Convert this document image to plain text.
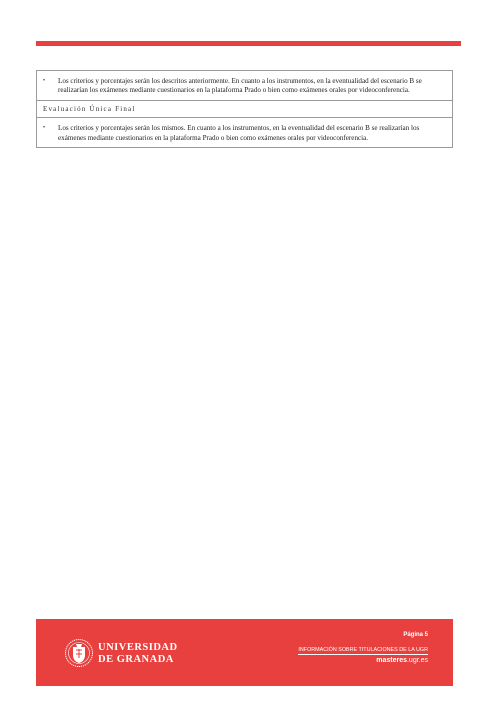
•	Los criterios y porcentajes serán los descritos anteriormente. En cuanto a los instrumentos, en la eventualidad del escenario B se realizarían los exámenes mediante cuestionarios en la plataforma Prado o bien como exámenes orales por videoconferencia.
Evaluación Única Final
•	Los criterios y porcentajes serán los mismos. En cuanto a los instrumentos, en la eventualidad del escenario B se realizarían los exámenes mediante cuestionarios en la plataforma Prado o bien como exámenes orales por videoconferencia.
UNIVERSIDAD
DE GRANADA
Página 5
INFORMACIÓN SOBRE TITULACIONES DE LA UGR
masteres.ugr.es
